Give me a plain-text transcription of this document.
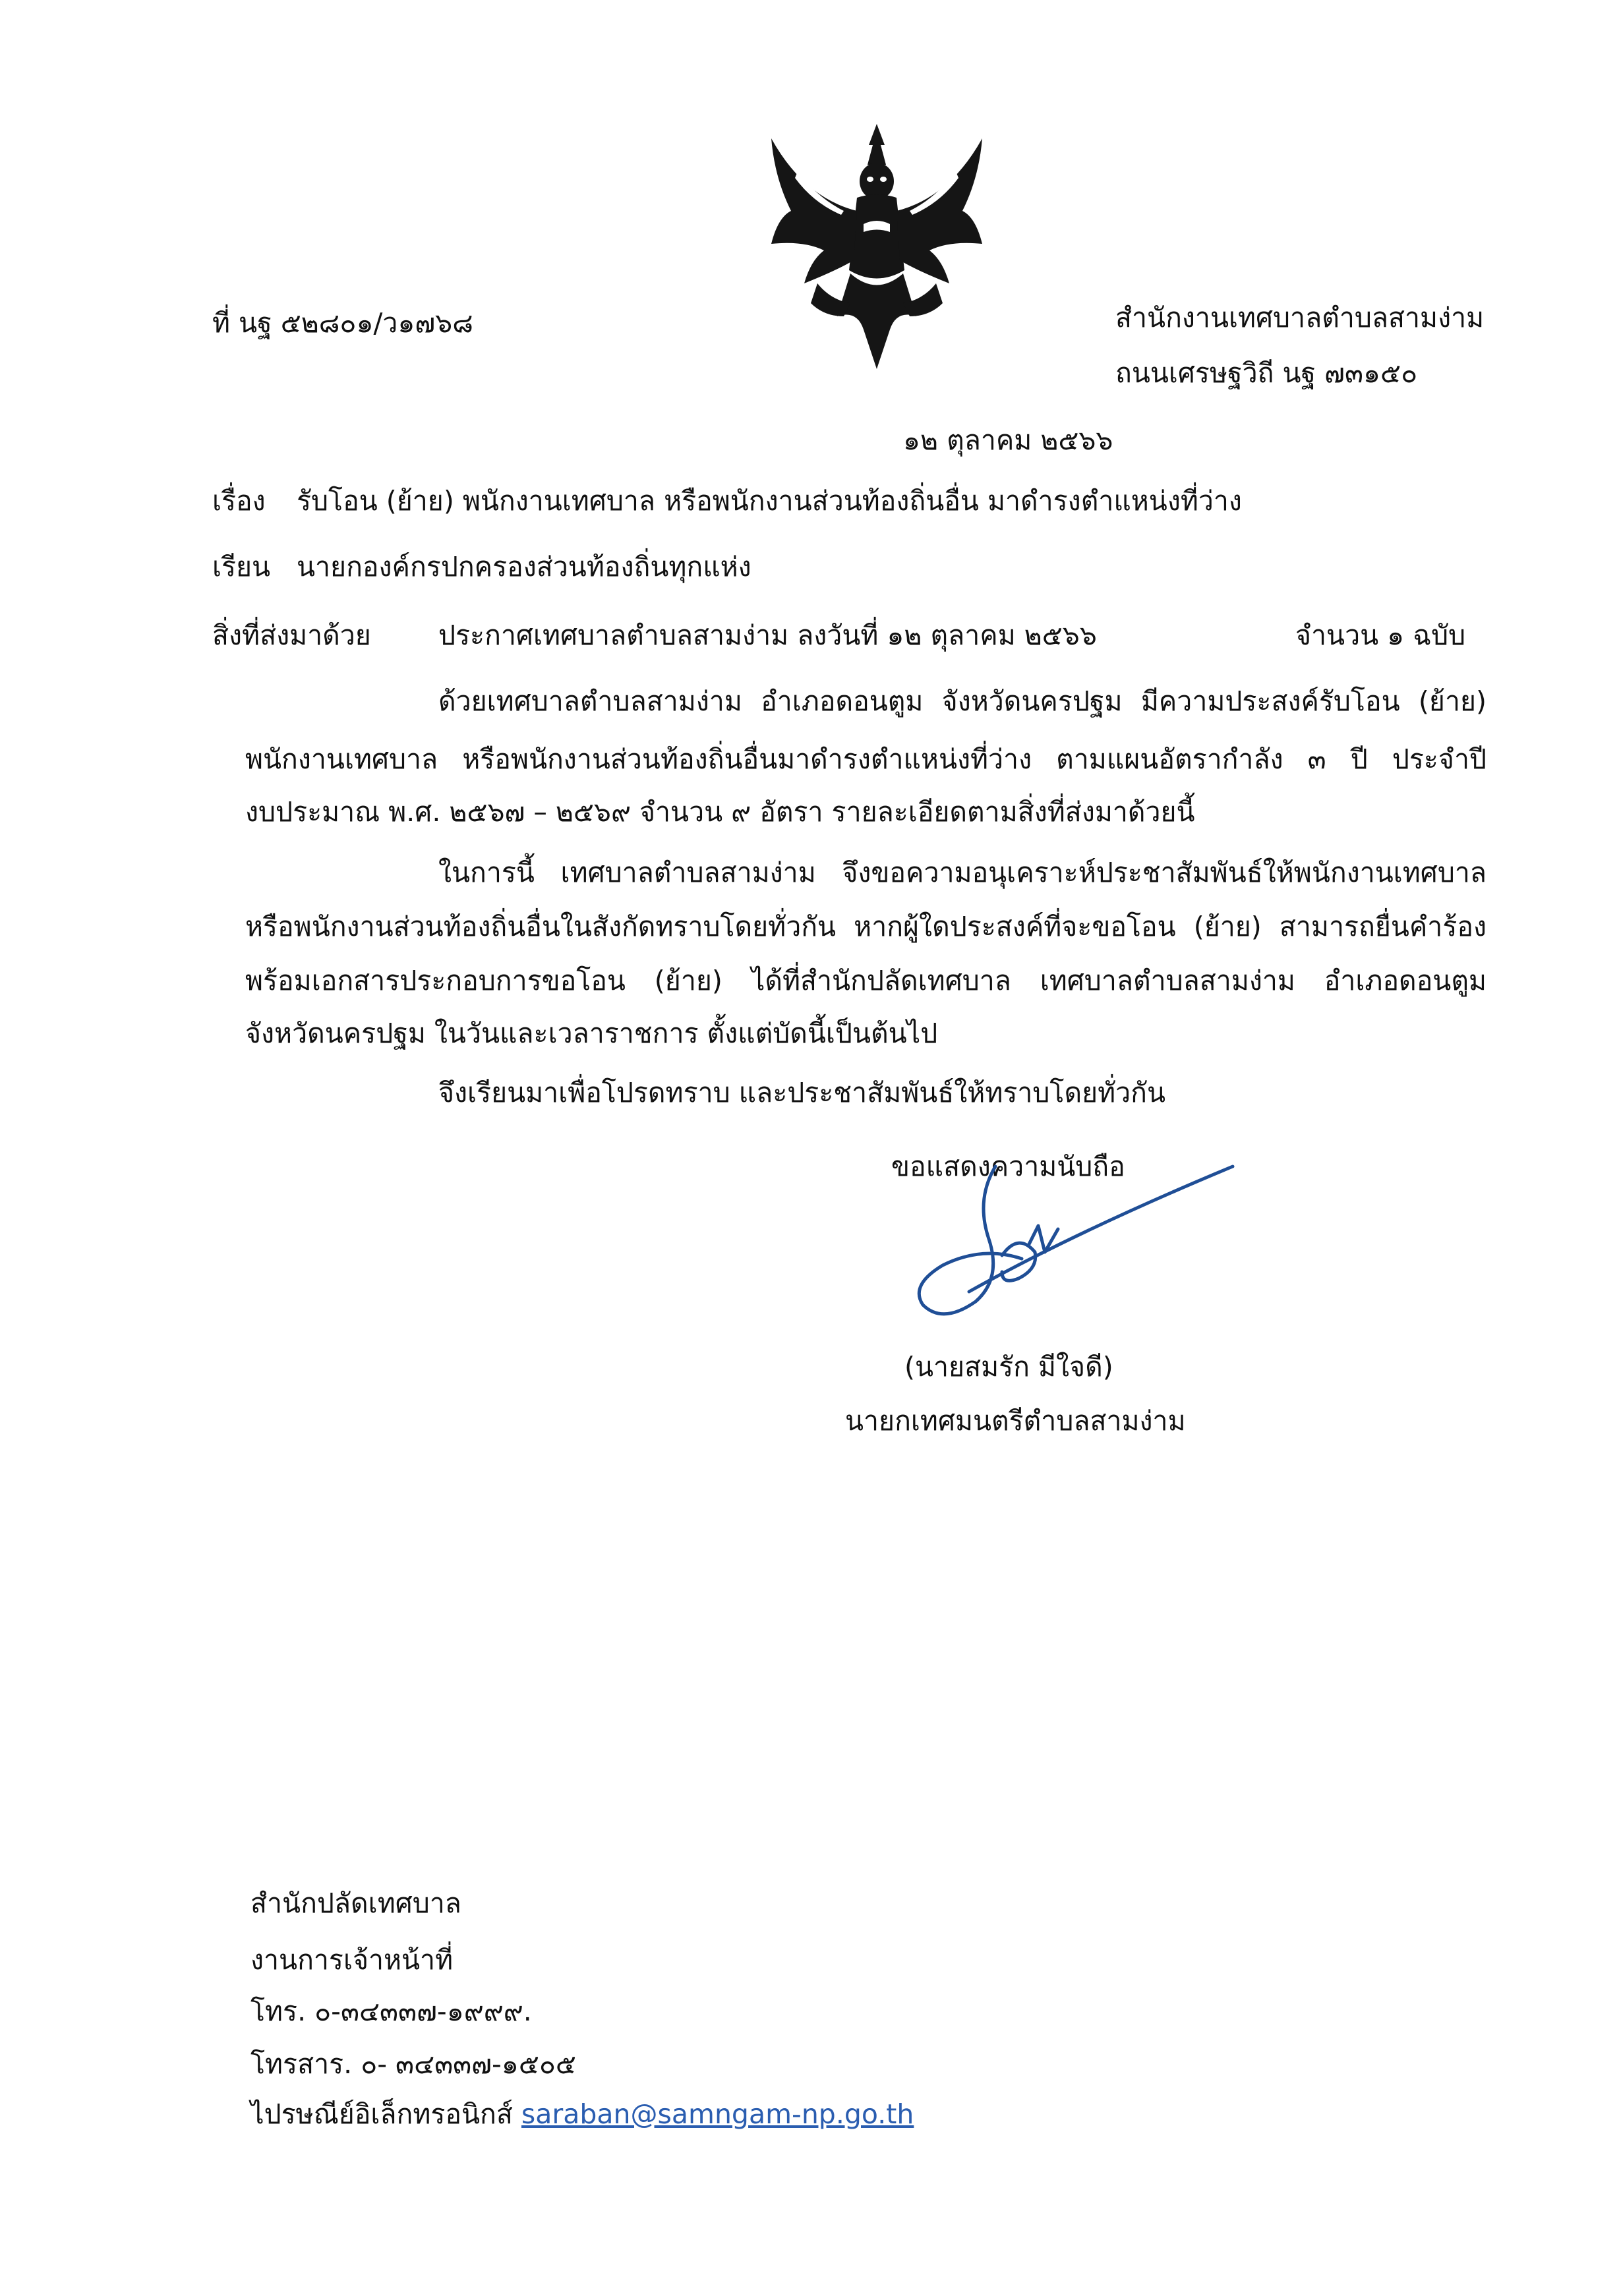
ที่ นฐ ๕๒๘๐๑/ว๑๗๖๘	สำนักงานเทศบาลตำบลสามง่าม
ถนนเศรษฐวิถี นฐ ๗๓๑๕๐
๑๒ ตุลาคม ๒๕๖๖
เรื่อง รับโอน (ย้าย) พนักงานเทศบาล หรือพนักงานส่วนท้องถิ่นอื่น มาดำรงตำแหน่งที่ว่าง
เรียน นายกองค์กรปกครองส่วนท้องถิ่นทุกแห่ง
สิ่งที่ส่งมาด้วย ประกาศเทศบาลตำบลสามง่าม ลงวันที่ ๑๒ ตุลาคม ๒๕๖๖	จำนวน ๑ ฉบับ
ด้วยเทศบาลตำบลสามง่าม อำเภอดอนตูม จังหวัดนครปฐม มีความประสงค์รับโอน (ย้าย)
พนักงานเทศบาล หรือพนักงานส่วนท้องถิ่นอื่นมาดำรงตำแหน่งที่ว่าง ตามแผนอัตรากำลัง ๓ ปี ประจำปี
งบประมาณ พ.ศ. ๒๕๖๗ – ๒๕๖๙ จำนวน ๙ อัตรา รายละเอียดตามสิ่งที่ส่งมาด้วยนี้
ในการนี้ เทศบาลตำบลสามง่าม จึงขอความอนุเคราะห์ประชาสัมพันธ์ให้พนักงานเทศบาล
หรือพนักงานส่วนท้องถิ่นอื่นในสังกัดทราบโดยทั่วกัน หากผู้ใดประสงค์ที่จะขอโอน (ย้าย) สามารถยื่นคำร้อง
พร้อมเอกสารประกอบการขอโอน (ย้าย) ได้ที่สำนักปลัดเทศบาล เทศบาลตำบลสามง่าม อำเภอดอนตูม
จังหวัดนครปฐม ในวันและเวลาราชการ ตั้งแต่บัดนี้เป็นต้นไป
จึงเรียนมาเพื่อโปรดทราบ และประชาสัมพันธ์ให้ทราบโดยทั่วกัน
ขอแสดงความนับถือ
(นายสมรัก มีใจดี)
นายกเทศมนตรีตำบลสามง่าม
สำนักปลัดเทศบาล
งานการเจ้าหน้าที่
โทร. ๐-๓๔๓๓๗-๑๙๙๙.
โทรสาร. ๐- ๓๔๓๓๗-๑๕๐๕
ไปรษณีย์อิเล็กทรอนิกส์ saraban@samngam-np.go.th
